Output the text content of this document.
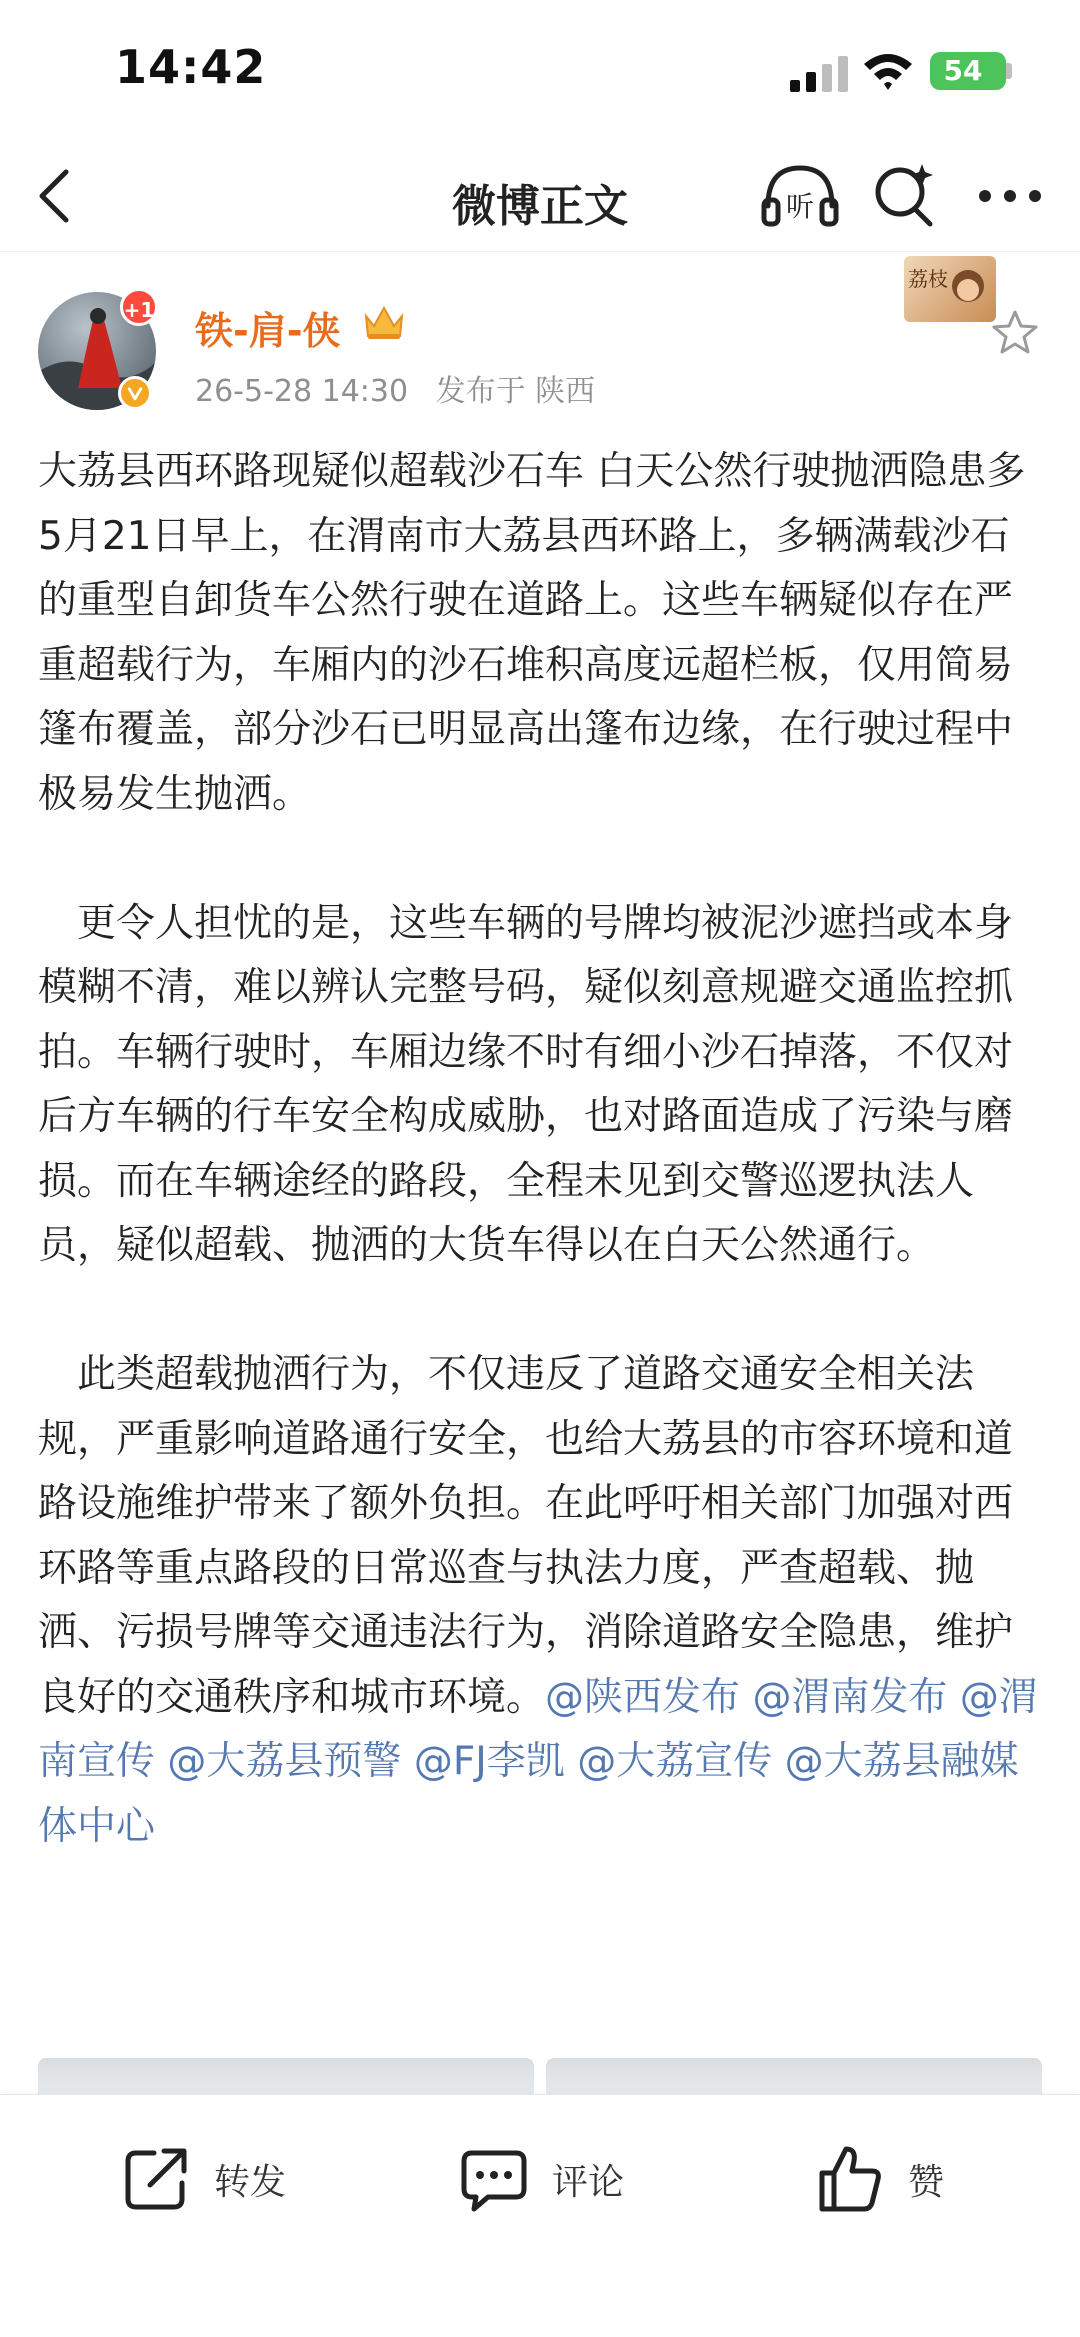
14:42	54
微博正文	听
+1 铁-肩-侠
26-5-28 14:30 发布于 陕西
荔枝

大荔县西环路现疑似超载沙石车 白天公然行驶抛洒隐患多

5月21日早上，在渭南市大荔县西环路上，多辆满载沙石的重型自卸货车公然行驶在道路上。这些车辆疑似存在严重超载行为，车厢内的沙石堆积高度远超栏板，仅用简易篷布覆盖，部分沙石已明显高出篷布边缘，在行驶过程中极易发生抛洒。

　更令人担忧的是，这些车辆的号牌均被泥沙遮挡或本身模糊不清，难以辨认完整号码，疑似刻意规避交通监控抓拍。车辆行驶时，车厢边缘不时有细小沙石掉落，不仅对后方车辆的行车安全构成威胁，也对路面造成了污染与磨损。而在车辆途经的路段，全程未见到交警巡逻执法人员，疑似超载、抛洒的大货车得以在白天公然通行。

　此类超载抛洒行为，不仅违反了道路交通安全相关法规，严重影响道路通行安全，也给大荔县的市容环境和道路设施维护带来了额外负担。在此呼吁相关部门加强对西环路等重点路段的日常巡查与执法力度，严查超载、抛洒、污损号牌等交通违法行为，消除道路安全隐患，维护良好的交通秩序和城市环境。@陕西发布 @渭南发布 @渭南宣传 @大荔县预警 @FJ李凯 @大荔宣传 @大荔县融媒体中心

转发	评论	赞
